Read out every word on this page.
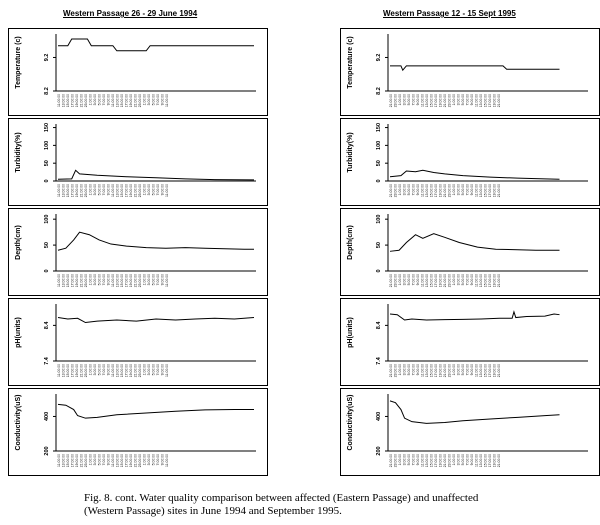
Western Passage 26 - 29 June 1994	Western Passage 12 - 15 Sept 1995
8.2
9.2
Temperature (c)
11:00:00 13:00:00 15:00:00 17:00:00 19:00:00 21:00:00 23:00:00 1:00:00 3:00:00 5:00:00 7:00:00 9:00:00 11:00:00 13:00:00 15:00:00 17:00:00 19:00:00 21:00:00 23:00:00 1:00:00 3:00:00 5:00:00 7:00:00 9:00:00 11:00:00
0
50
100
150
Turbidity(%)
11:00:00 13:00:00 15:00:00 17:00:00 19:00:00 21:00:00 23:00:00 1:00:00 3:00:00 5:00:00 7:00:00 9:00:00 11:00:00 13:00:00 15:00:00 17:00:00 19:00:00 21:00:00 23:00:00 1:00:00 3:00:00 5:00:00 7:00:00 9:00:00 11:00:00
0
50
100
Depth(cm)
11:00:00 13:00:00 15:00:00 17:00:00 19:00:00 21:00:00 23:00:00 1:00:00 3:00:00 5:00:00 7:00:00 9:00:00 11:00:00 13:00:00 15:00:00 17:00:00 19:00:00 21:00:00 23:00:00 1:00:00 3:00:00 5:00:00 7:00:00 9:00:00 11:00:00
7.4
8.4
pH(units)
11:00:00 13:00:00 15:00:00 17:00:00 19:00:00 21:00:00 23:00:00 1:00:00 3:00:00 5:00:00 7:00:00 9:00:00 11:00:00 13:00:00 15:00:00 17:00:00 19:00:00 21:00:00 23:00:00 1:00:00 3:00:00 5:00:00 7:00:00 9:00:00 11:00:00
200
400
Conductivity(uS)
11:00:00 13:00:00 15:00:00 17:00:00 19:00:00 21:00:00 23:00:00 1:00:00 3:00:00 5:00:00 7:00:00 9:00:00 11:00:00 13:00:00 15:00:00 17:00:00 19:00:00 21:00:00 23:00:00 1:00:00 3:00:00 5:00:00 7:00:00 9:00:00 11:00:00
8.2
9.2
Temperature (c)
21:00:00 23:00:00 1:00:00 3:00:00 5:00:00 7:00:00 9:00:00 11:00:00 13:00:00 15:00:00 17:00:00 19:00:00 21:00:00 23:00:00 1:00:00 3:00:00 5:00:00 7:00:00 9:00:00 11:00:00 13:00:00 15:00:00 17:00:00 19:00:00 21:00:00
0
50
100
150
Turbidity(%)
21:00:00 23:00:00 1:00:00 3:00:00 5:00:00 7:00:00 9:00:00 11:00:00 13:00:00 15:00:00 17:00:00 19:00:00 21:00:00 23:00:00 1:00:00 3:00:00 5:00:00 7:00:00 9:00:00 11:00:00 13:00:00 15:00:00 17:00:00 19:00:00 21:00:00
0
50
100
Depth(cm)
21:00:00 23:00:00 1:00:00 3:00:00 5:00:00 7:00:00 9:00:00 11:00:00 13:00:00 15:00:00 17:00:00 19:00:00 21:00:00 23:00:00 1:00:00 3:00:00 5:00:00 7:00:00 9:00:00 11:00:00 13:00:00 15:00:00 17:00:00 19:00:00 21:00:00
7.4
8.4
pH(units)
21:00:00 23:00:00 1:00:00 3:00:00 5:00:00 7:00:00 9:00:00 11:00:00 13:00:00 15:00:00 17:00:00 19:00:00 21:00:00 23:00:00 1:00:00 3:00:00 5:00:00 7:00:00 9:00:00 11:00:00 13:00:00 15:00:00 17:00:00 19:00:00 21:00:00
200
400
Conductivity(uS)
21:00:00 23:00:00 1:00:00 3:00:00 5:00:00 7:00:00 9:00:00 11:00:00 13:00:00 15:00:00 17:00:00 19:00:00 21:00:00 23:00:00 1:00:00 3:00:00 5:00:00 7:00:00 9:00:00 11:00:00 13:00:00 15:00:00 17:00:00 19:00:00 21:00:00
Fig. 8. cont. Water quality comparison between affected (Eastern Passage) and unaffected
(Western Passage) sites in June 1994 and September 1995.
